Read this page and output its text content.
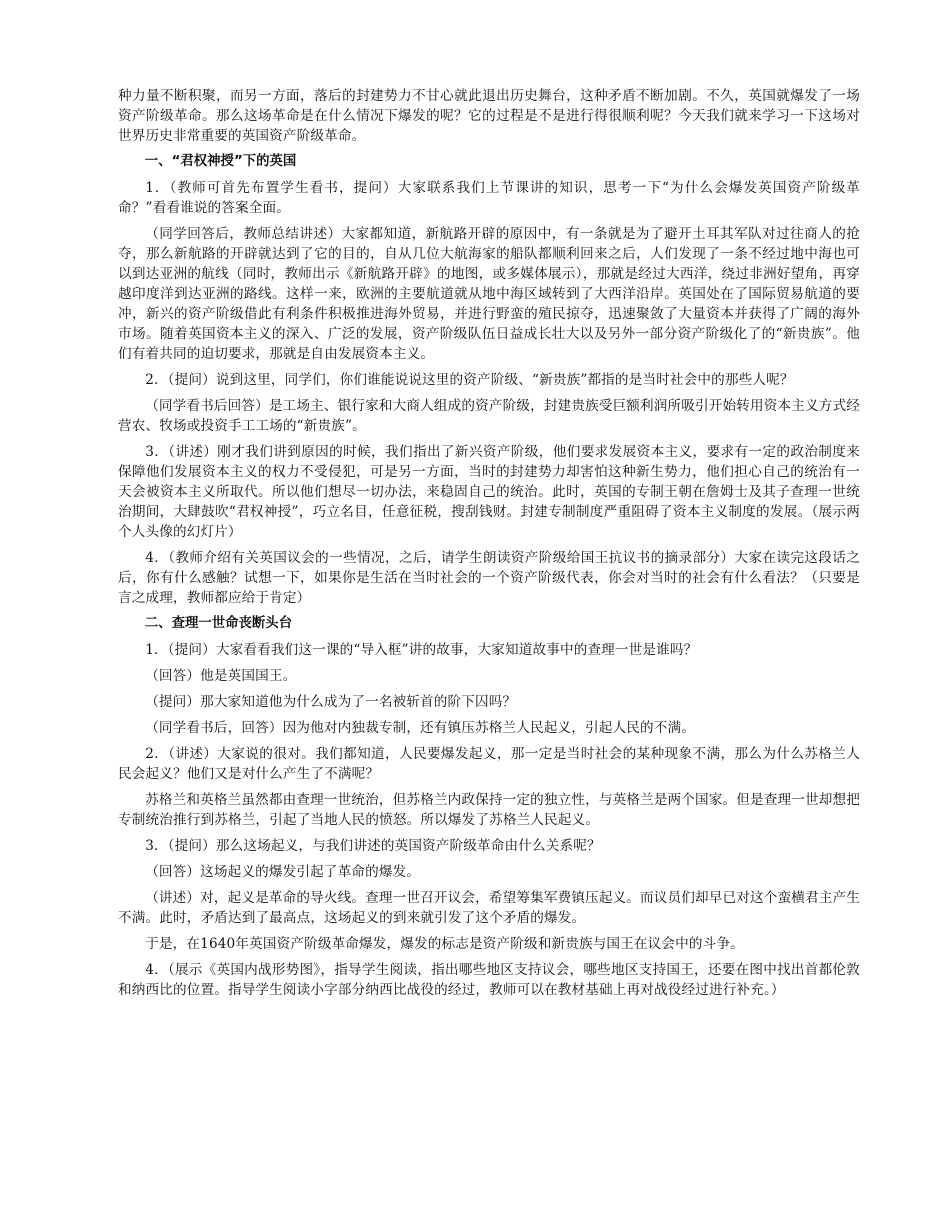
种力量不断积聚，而另一方面，落后的封建势力不甘心就此退出历史舞台，这种矛盾不断加剧。不久，英国就爆发了一场资产阶级革命。那么这场革命是在什么情况下爆发的呢？它的过程是不是进行得很顺利呢？今天我们就来学习一下这场对世界历史非常重要的英国资产阶级革命。

一、“君权神授”下的英国

1．（教师可首先布置学生看书，提问）大家联系我们上节课讲的知识，思考一下“为什么会爆发英国资产阶级革命？”看看谁说的答案全面。

（同学回答后，教师总结讲述）大家都知道，新航路开辟的原因中，有一条就是为了避开土耳其军队对过往商人的抢夺，那么新航路的开辟就达到了它的目的，自从几位大航海家的船队都顺利回来之后，人们发现了一条不经过地中海也可以到达亚洲的航线（同时，教师出示《新航路开辟》的地图，或多媒体展示），那就是经过大西洋，绕过非洲好望角，再穿越印度洋到达亚洲的路线。这样一来，欧洲的主要航道就从地中海区域转到了大西洋沿岸。英国处在了国际贸易航道的要冲，新兴的资产阶级借此有利条件积极推进海外贸易，并进行野蛮的殖民掠夺，迅速聚敛了大量资本并获得了广阔的海外市场。随着英国资本主义的深入、广泛的发展，资产阶级队伍日益成长壮大以及另外一部分资产阶级化了的“新贵族”。他们有着共同的迫切要求，那就是自由发展资本主义。

2．（提问）说到这里，同学们，你们谁能说说这里的资产阶级、“新贵族”都指的是当时社会中的那些人呢？

（同学看书后回答）是工场主、银行家和大商人组成的资产阶级，封建贵族受巨额利润所吸引开始转用资本主义方式经营农、牧场或投资手工工场的“新贵族”。

3．（讲述）刚才我们讲到原因的时候，我们指出了新兴资产阶级，他们要求发展资本主义，要求有一定的政治制度来保障他们发展资本主义的权力不受侵犯，可是另一方面，当时的封建势力却害怕这种新生势力，他们担心自己的统治有一天会被资本主义所取代。所以他们想尽一切办法，来稳固自己的统治。此时，英国的专制王朝在詹姆士及其子查理一世统治期间，大肆鼓吹“君权神授”，巧立名目，任意征税，搜刮钱财。封建专制制度严重阻碍了资本主义制度的发展。（展示两个人头像的幻灯片）

4．（教师介绍有关英国议会的一些情况，之后，请学生朗读资产阶级给国王抗议书的摘录部分）大家在读完这段话之后，你有什么感触？试想一下，如果你是生活在当时社会的一个资产阶级代表，你会对当时的社会有什么看法？（只要是言之成理，教师都应给于肯定）

二、查理一世命丧断头台

1．（提问）大家看看我们这一课的“导入框”讲的故事，大家知道故事中的查理一世是谁吗？

（回答）他是英国国王。

（提问）那大家知道他为什么成为了一名被斩首的阶下囚吗？

（同学看书后，回答）因为他对内独裁专制，还有镇压苏格兰人民起义，引起人民的不满。

2．（讲述）大家说的很对。我们都知道，人民要爆发起义，那一定是当时社会的某种现象不满，那么为什么苏格兰人民会起义？他们又是对什么产生了不满呢？

苏格兰和英格兰虽然都由查理一世统治，但苏格兰内政保持一定的独立性，与英格兰是两个国家。但是查理一世却想把专制统治推行到苏格兰，引起了当地人民的愤怒。所以爆发了苏格兰人民起义。

3．（提问）那么这场起义，与我们讲述的英国资产阶级革命由什么关系呢？

（回答）这场起义的爆发引起了革命的爆发。

（讲述）对，起义是革命的导火线。查理一世召开议会，希望筹集军费镇压起义。而议员们却早已对这个蛮横君主产生不满。此时，矛盾达到了最高点，这场起义的到来就引发了这个矛盾的爆发。

于是，在1640年英国资产阶级革命爆发，爆发的标志是资产阶级和新贵族与国王在议会中的斗争。

4．（展示《英国内战形势图》，指导学生阅读，指出哪些地区支持议会，哪些地区支持国王，还要在图中找出首都伦敦和纳西比的位置。指导学生阅读小字部分纳西比战役的经过，教师可以在教材基础上再对战役经过进行补充。）
